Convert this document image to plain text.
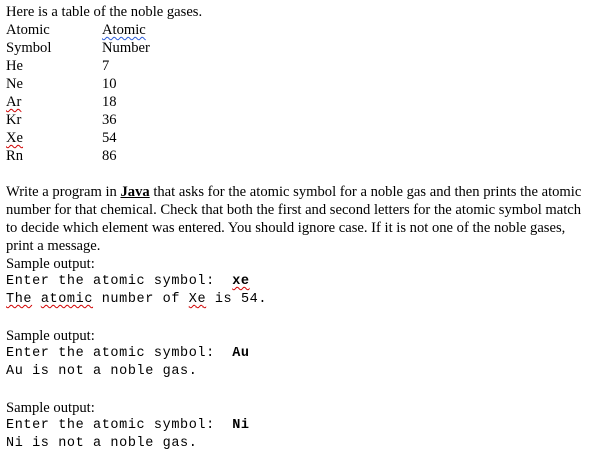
Here is a table of the noble gases.
Atomic	Atomic
Symbol	Number
He	7
Ne	10
Ar	18
Kr	36
Xe	54
Rn	86
Write a program in Java that asks for the atomic symbol for a noble gas and then prints the atomic number for that chemical. Check that both the first and second letters for the atomic symbol match to decide which element was entered. You should ignore case. If it is not one of the noble gases, print a message.
Sample output:
Enter the atomic symbol:  xe
The atomic number of Xe is 54.
Sample output:
Enter the atomic symbol:  Au
Au is not a noble gas.
Sample output:
Enter the atomic symbol:  Ni
Ni is not a noble gas.
